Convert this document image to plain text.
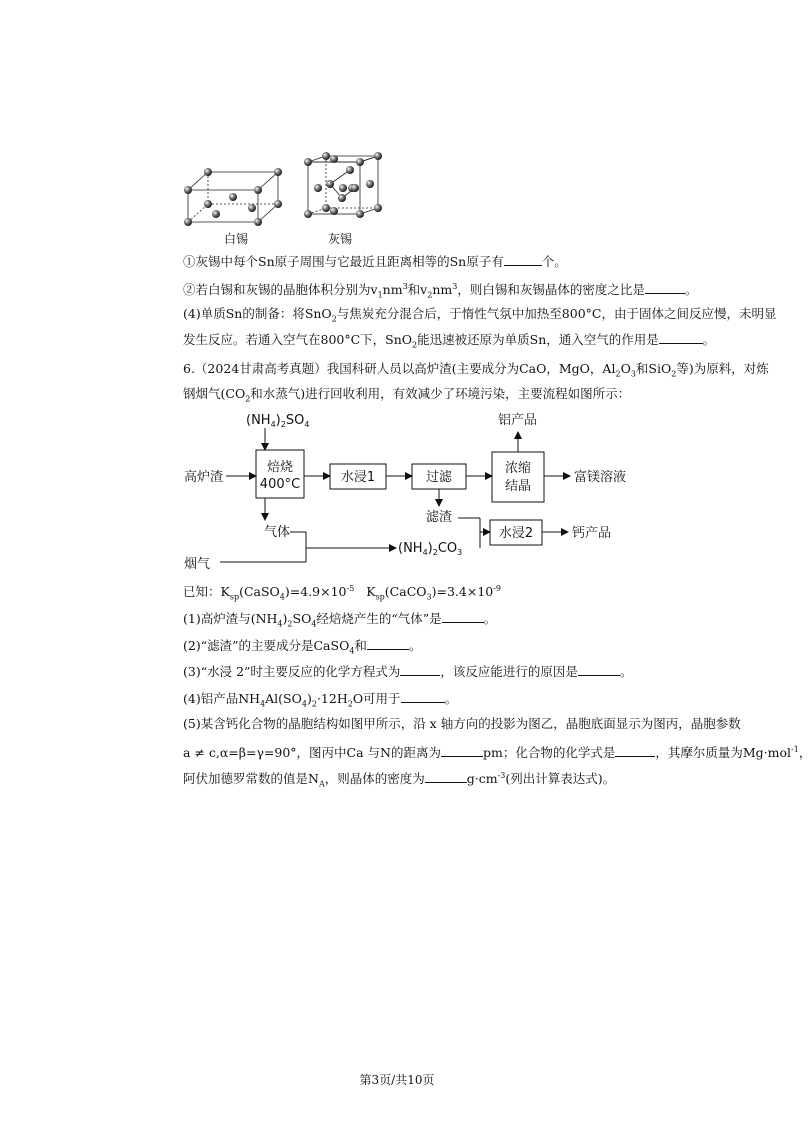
白锡	灰锡
①灰锡中每个Sn原子周围与它最近且距离相等的Sn原子有	个。
②若白锡和灰锡的晶胞体积分别为$v_1nm^3$和$v_2nm^3$，则白锡和灰锡晶体的密度之比是	。
(4)单质Sn的制备：将SnO$_2$与焦炭充分混合后，于惰性气氛中加热至800°C，由于固体之间反应慢，未明显
发生反应。若通入空气在800°C下，SnO$_2$能迅速被还原为单质Sn，通入空气的作用是	。
6.（2024甘肃高考真题）我国科研人员以高炉渣(主要成分为CaO，MgO，$Al_2O_3$和SiO$_2$等)为原料，对炼
钢烟气($CO_2$和水蒸气)进行回收利用，有效减少了环境污染，主要流程如图所示：
$(NH_4)_2SO_4$
高炉渣
焙烧
400°C	水浸1	过滤
浓缩
结晶
富镁溶液
铝产品
气体
滤渣
烟气
$(NH_4)_2CO_3$
水浸2	钙产品
已知：$K_{sp}(CaSO_4)=4.9\times 10^{-5}$   $K_{sp}(CaCO_3)=3.4\times 10^{-9}$
(1)高炉渣与$(NH_4)_2SO_4$经焙烧产生的“气体”是	。
(2)“滤渣”的主要成分是CaSO$_4$和	。
(3)“水浸 2”时主要反应的化学方程式为	，该反应能进行的原因是	。
(4)铝产品$NH_4Al(SO_4)_2\cdot 12H_2O$可用于	。
(5)某含钙化合物的晶胞结构如图甲所示，沿 x 轴方向的投影为图乙，晶胞底面显示为图丙，晶胞参数
a ≠ c,α=β=γ=90°，图丙中Ca 与N的距离为	pm；化合物的化学式是	，其摩尔质量为Mg·mol$^{-1}$，
阿伏加德罗常数的值是$N_A$，则晶体的密度为	$g\cdot cm^{-3}$(列出计算表达式)。
第3页/共10页
